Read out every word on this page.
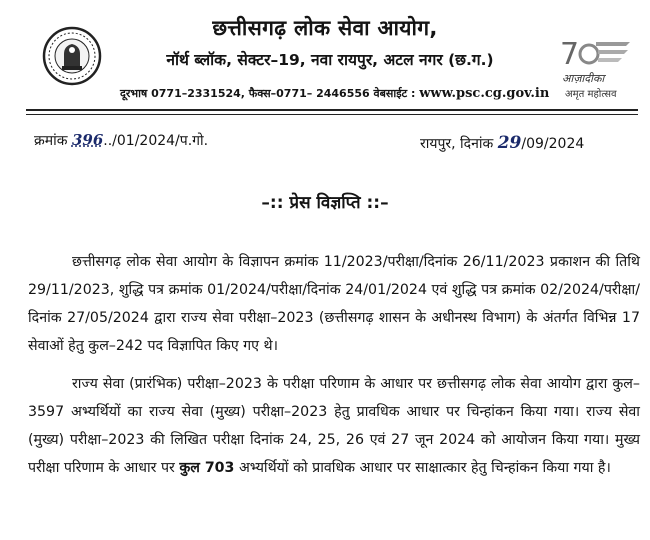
छत्तीसगढ़ लोक सेवा आयोग,
नॉर्थ ब्लॉक, सेक्टर–19, नवा रायपुर, अटल नगर (छ.ग.)
दूरभाष 0771–2331524, फैक्स–0771– 2446556 वेबसाईट : www.psc.cg.gov.in
7
आज़ादीका
अमृत महोत्सव
क्रमांक 396../01/2024/प.गो.	रायपुर, दिनांक 29/09/2024
–:: प्रेस विज्ञप्ति ::–
छत्तीसगढ़ लोक सेवा आयोग के विज्ञापन क्रमांक 11/2023/परीक्षा/दिनांक 26/11/2023 प्रकाशन की तिथि 29/11/2023, शुद्धि पत्र क्रमांक 01/2024/परीक्षा/दिनांक 24/01/2024 एवं शुद्धि पत्र क्रमांक 02/2024/परीक्षा/दिनांक 27/05/2024 द्वारा राज्य सेवा परीक्षा–2023 (छत्तीसगढ़ शासन के अधीनस्थ विभाग) के अंतर्गत विभिन्न 17 सेवाओं हेतु कुल–242 पद विज्ञापित किए गए थे।
राज्य सेवा (प्रारंभिक) परीक्षा–2023 के परीक्षा परिणाम के आधार पर छत्तीसगढ़ लोक सेवा आयोग द्वारा कुल–3597 अभ्यर्थियों का राज्य सेवा (मुख्य) परीक्षा–2023 हेतु प्रावधिक आधार पर चिन्हांकन किया गया। राज्य सेवा (मुख्य) परीक्षा–2023 की लिखित परीक्षा दिनांक 24, 25, 26 एवं 27 जून 2024 को आयोजन किया गया। मुख्य परीक्षा परिणाम के आधार पर कुल 703 अभ्यर्थियों को प्रावधिक आधार पर साक्षात्कार हेतु चिन्हांकन किया गया है।
